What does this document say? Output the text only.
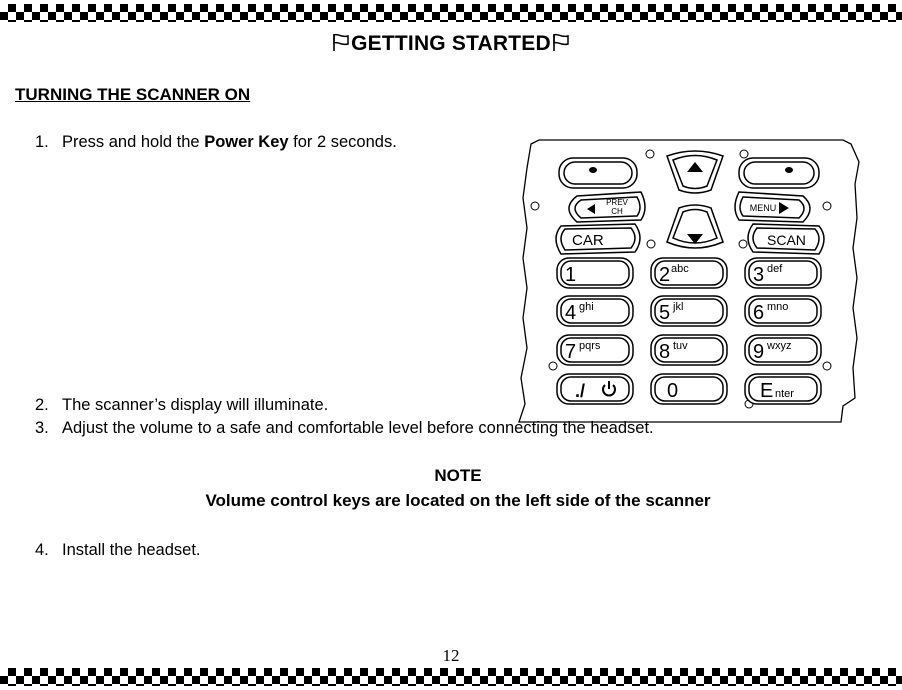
GETTING STARTED
TURNING THE SCANNER ON
1. Press and hold the Power Key for 2 seconds.
2. The scanner’s display will illuminate.
3. Adjust the volume to a safe and comfortable level before connecting the headset.
NOTE
Volume control keys are located on the left side of the scanner
4. Install the headset.
PREV
CH	MENU
CAR	SCAN
1	2	3
4	5	6
7	8	9
0	E
abc	def
ghi	jkl	mno
pqrs	tuv	wxyz
nter
./
12
